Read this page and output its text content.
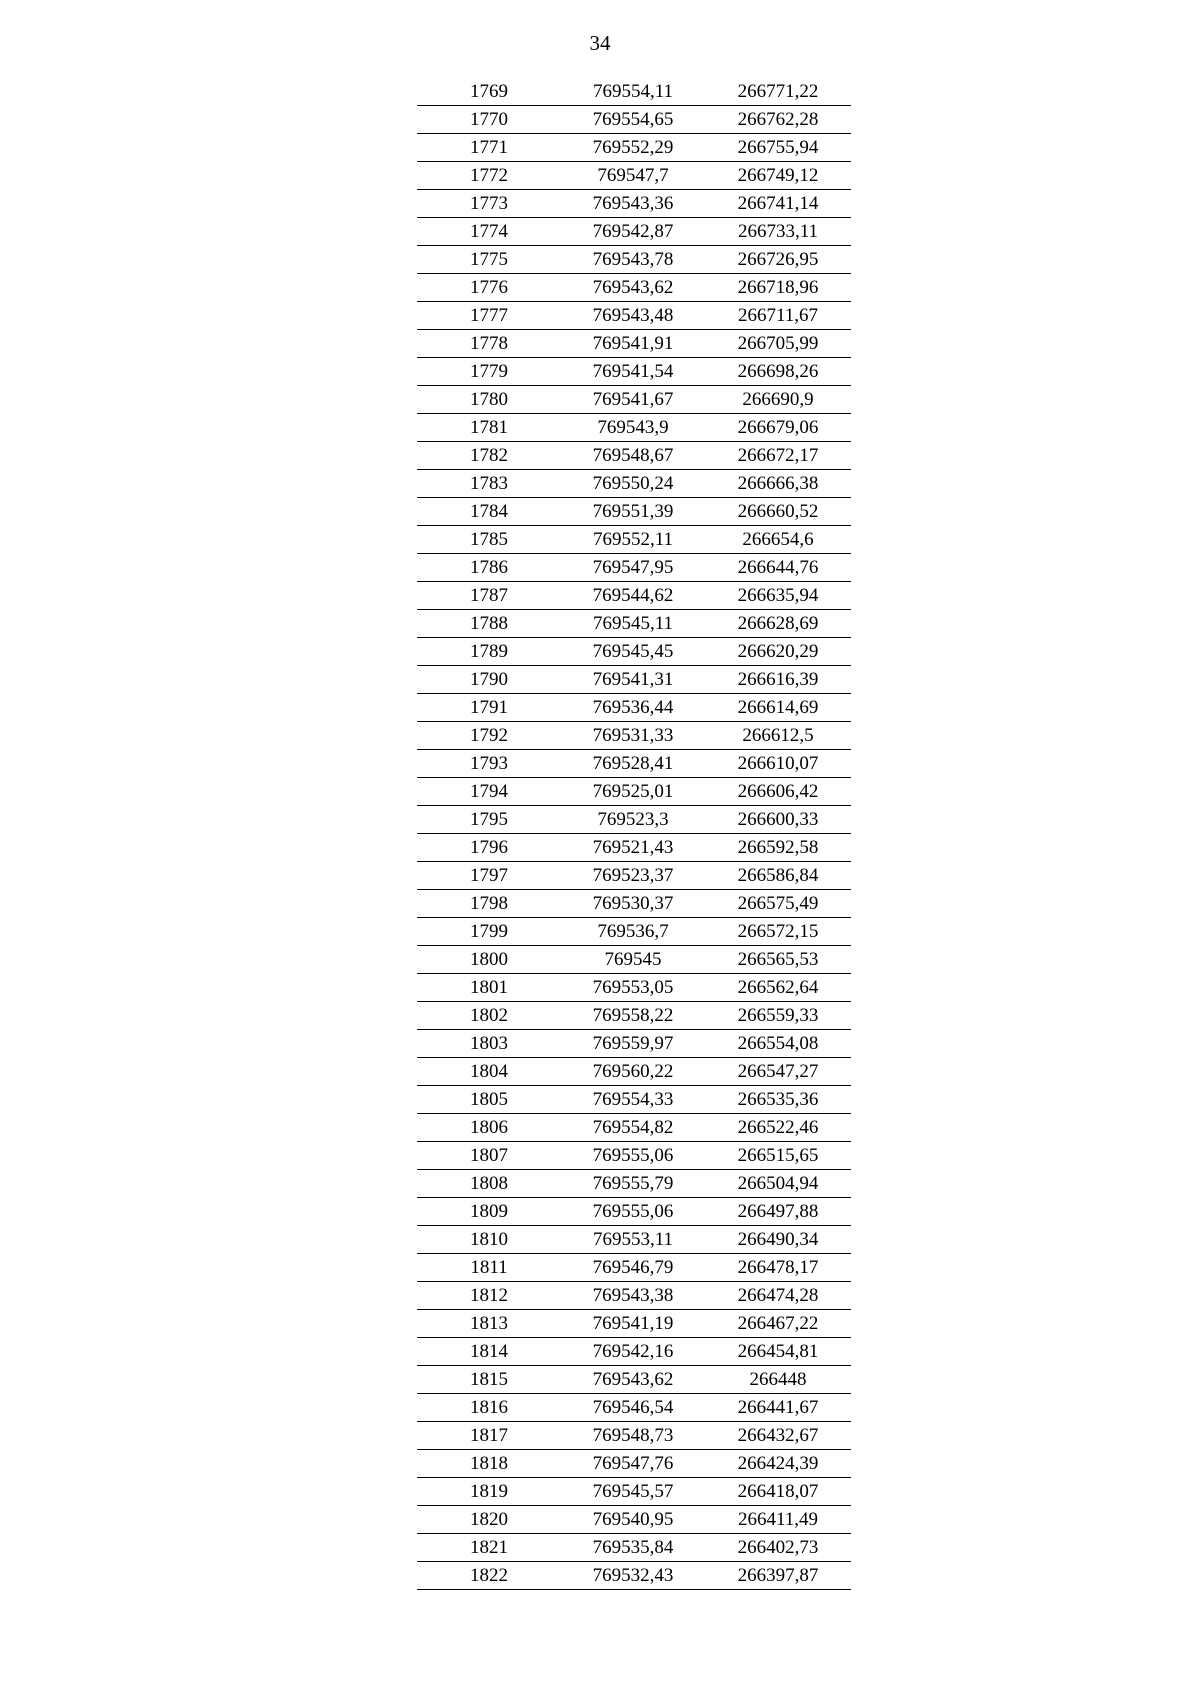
34
1769	769554,11	266771,22
1770	769554,65	266762,28
1771	769552,29	266755,94
1772	769547,7	266749,12
1773	769543,36	266741,14
1774	769542,87	266733,11
1775	769543,78	266726,95
1776	769543,62	266718,96
1777	769543,48	266711,67
1778	769541,91	266705,99
1779	769541,54	266698,26
1780	769541,67	266690,9
1781	769543,9	266679,06
1782	769548,67	266672,17
1783	769550,24	266666,38
1784	769551,39	266660,52
1785	769552,11	266654,6
1786	769547,95	266644,76
1787	769544,62	266635,94
1788	769545,11	266628,69
1789	769545,45	266620,29
1790	769541,31	266616,39
1791	769536,44	266614,69
1792	769531,33	266612,5
1793	769528,41	266610,07
1794	769525,01	266606,42
1795	769523,3	266600,33
1796	769521,43	266592,58
1797	769523,37	266586,84
1798	769530,37	266575,49
1799	769536,7	266572,15
1800	769545	266565,53
1801	769553,05	266562,64
1802	769558,22	266559,33
1803	769559,97	266554,08
1804	769560,22	266547,27
1805	769554,33	266535,36
1806	769554,82	266522,46
1807	769555,06	266515,65
1808	769555,79	266504,94
1809	769555,06	266497,88
1810	769553,11	266490,34
1811	769546,79	266478,17
1812	769543,38	266474,28
1813	769541,19	266467,22
1814	769542,16	266454,81
1815	769543,62	266448
1816	769546,54	266441,67
1817	769548,73	266432,67
1818	769547,76	266424,39
1819	769545,57	266418,07
1820	769540,95	266411,49
1821	769535,84	266402,73
1822	769532,43	266397,87
